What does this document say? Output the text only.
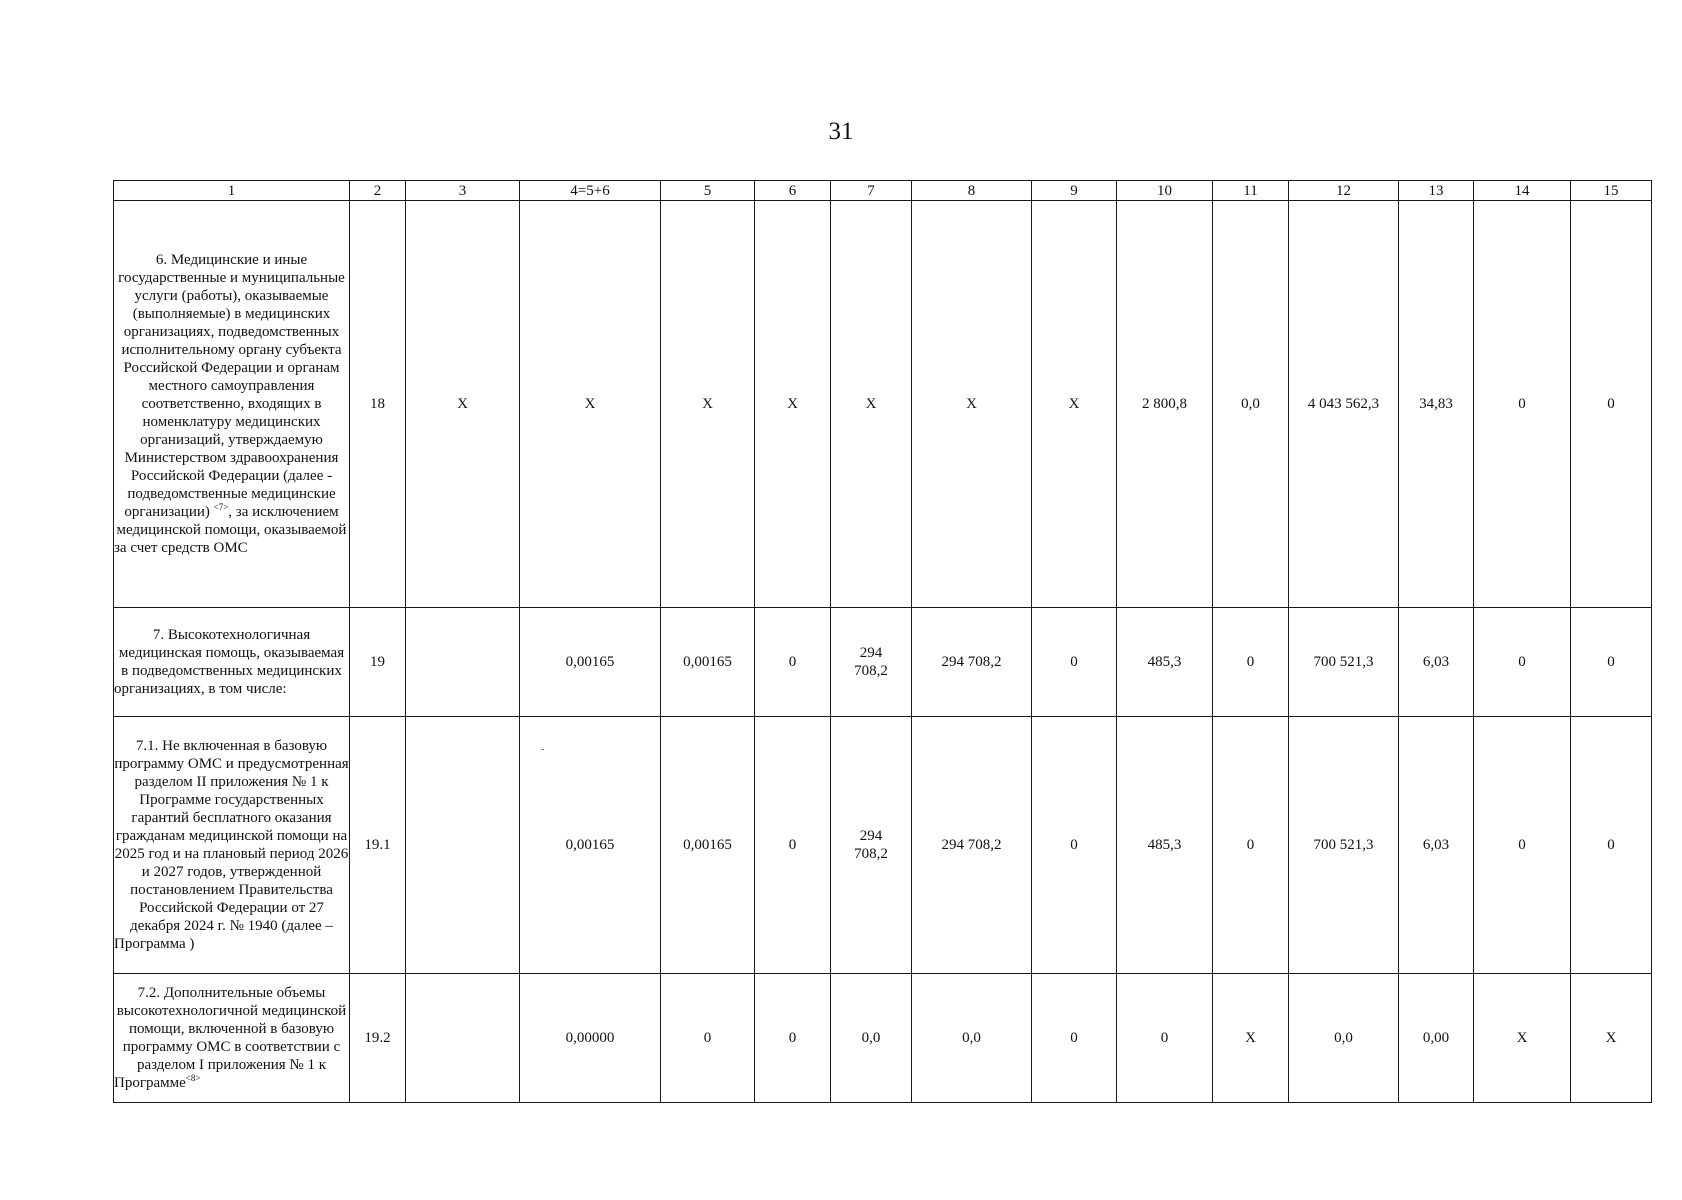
31
1	2	3	4=5+6	5	6	7	8	9	10	11	12	13	14	15
6. Медицинские и иные государственные и муниципальные услуги (работы), оказываемые (выполняемые) в медицинских организациях, подведомственных исполнительному органу субъекта Российской Федерации и органам местного самоуправления соответственно, входящих в номенклатуру медицинских организаций, утверждаемую Министерством здравоохранения Российской Федерации (далее - подведомственные медицинские организации) $^{<7>}$, за исключением медицинской помощи, оказываемой за счет средств ОМС	18	X	X	X	X	X	X	X	2 800,8	0,0	4 043 562,3	34,83	0	0
7. Высокотехнологичная медицинская помощь, оказываемая в подведомственных медицинских организациях, в том числе:	19		0,00165	0,00165	0	294 708,2	294 708,2	0	485,3	0	700 521,3	6,03	0	0
7.1. Не включенная в базовую программу ОМС и предусмотренная разделом II приложения № 1 к Программе государственных гарантий бесплатного оказания гражданам медицинской помощи на 2025 год и на плановый период 2026 и 2027 годов, утвержденной постановлением Правительства Российской Федерации от 27 декабря 2024 г. № 1940 (далее – Программа )	19.1		0,00165	0,00165	0	294 708,2	294 708,2	0	485,3	0	700 521,3	6,03	0	0
7.2. Дополнительные объемы высокотехнологичной медицинской помощи, включенной в базовую программу ОМС в соответствии с разделом I приложения № 1 к Программе$^{<8>}$	19.2		0,00000	0	0	0,0	0,0	0	0	X	0,0	0,00	X	X
-
